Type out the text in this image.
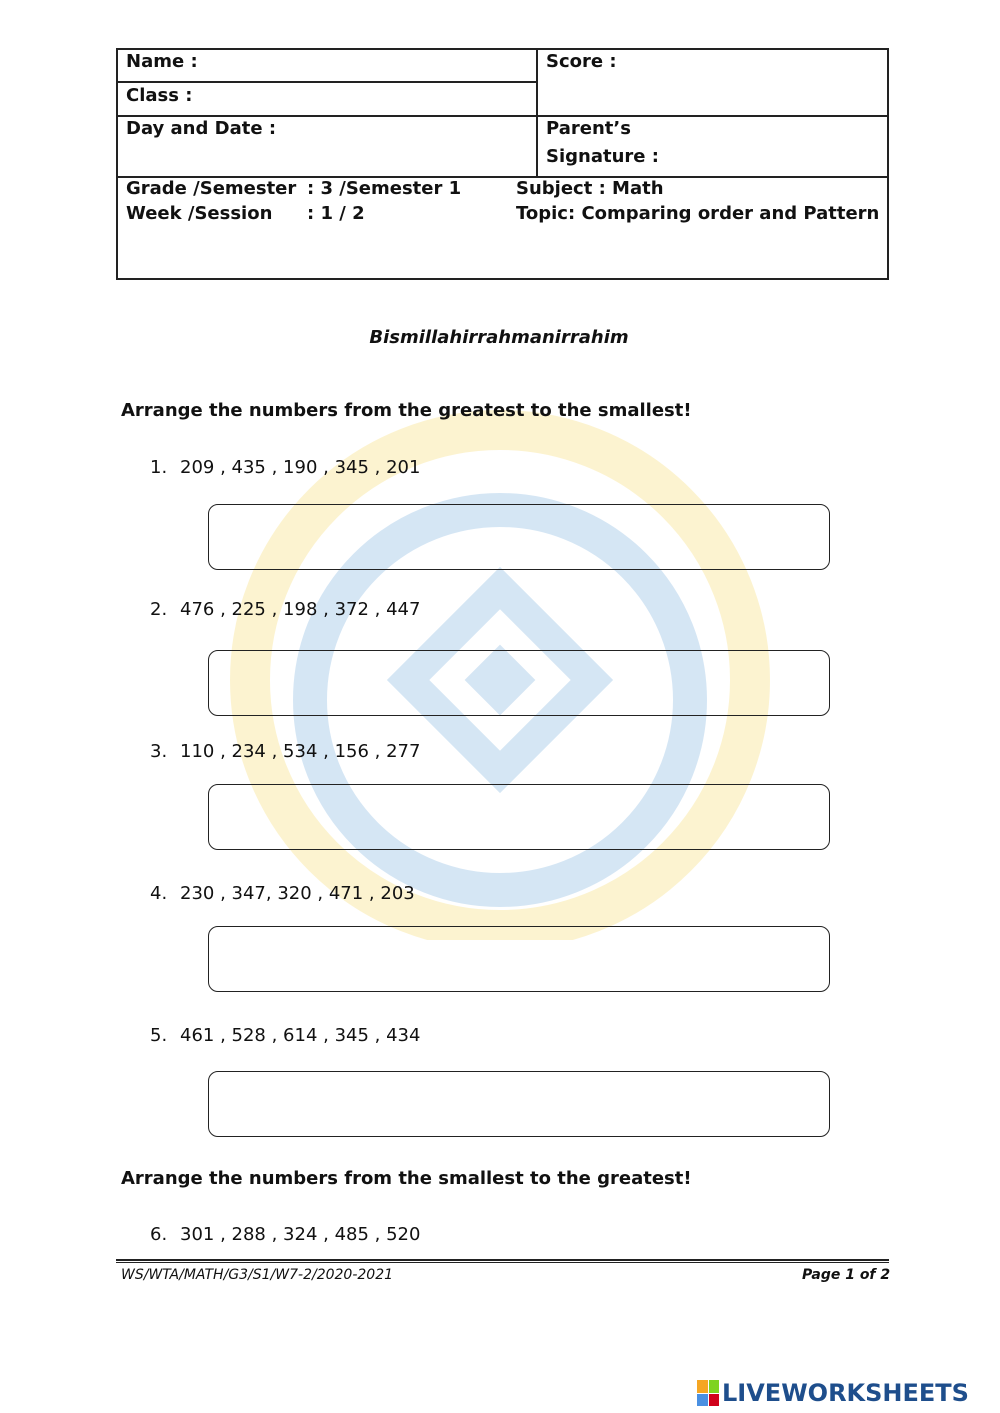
Name :
Class :
Score :
Day and Date :	Parent’s
Signature :
Grade /Semester : 3 /Semester 1
Week /Session : 1 / 2
Subject : Math
Topic: Comparing order and Pattern
Bismillahirrahmanirrahim
Arrange the numbers from the greatest to the smallest!
1. 209 , 435 , 190 , 345 , 201
2. 476 , 225 , 198 , 372 , 447
3. 110 , 234 , 534 , 156 , 277
4. 230 , 347, 320 , 471 , 203
5. 461 , 528 , 614 , 345 , 434
Arrange the numbers from the smallest to the greatest!
6. 301 , 288 , 324 , 485 , 520
WS/WTA/MATH/G3/S1/W7-2/2020-2021	Page 1 of 2
LIVEWORKSHEETS
